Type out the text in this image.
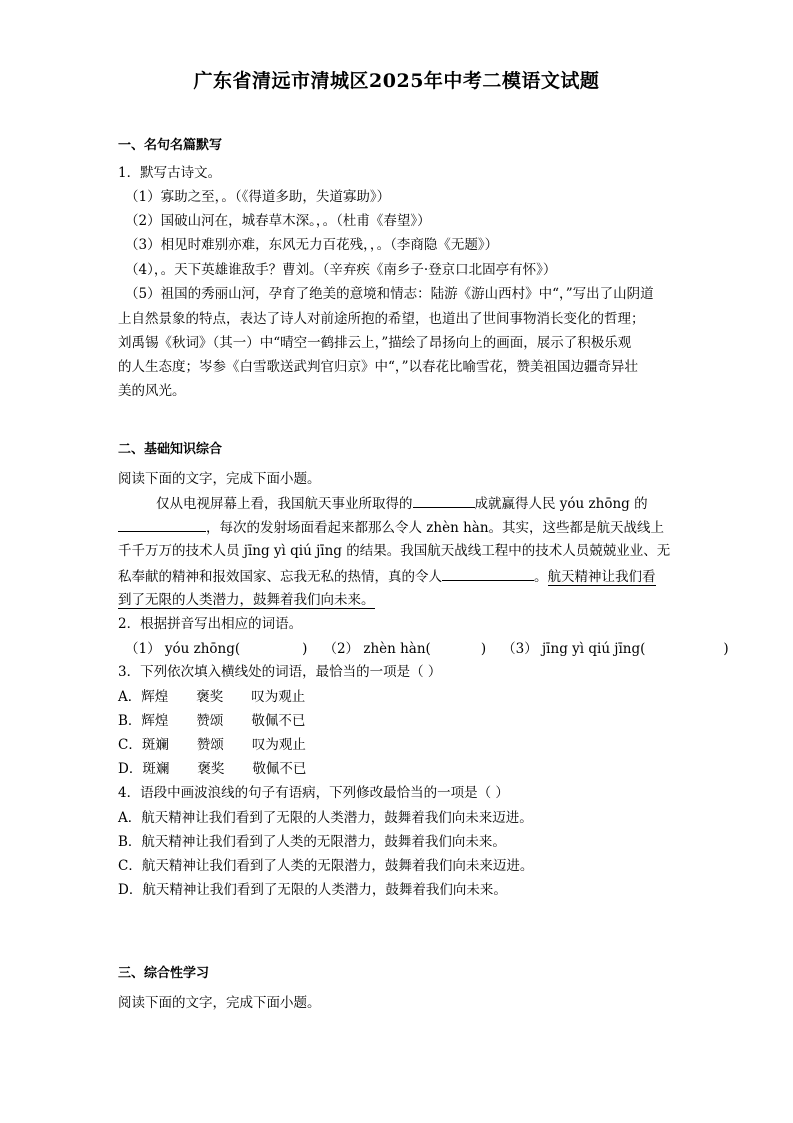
广东省清远市清城区2025年中考二模语文试题
一、名句名篇默写
1．默写古诗文。
（1）寡助之至，。（《得道多助，失道寡助》）
（2）国破山河在，城春草木深。，。（杜甫《春望》）
（3）相见时难别亦难，东风无力百花残，，。（李商隐《无题》）
（4），。天下英雄谁敌手？曹刘。（辛弃疾《南乡子·登京口北固亭有怀》）
（5）祖国的秀丽山河，孕育了绝美的意境和情志：陆游《游山西村》中“，”写出了山阴道
上自然景象的特点，表达了诗人对前途所抱的希望，也道出了世间事物消长变化的哲理；
刘禹锡《秋词》（其一）中“晴空一鹤排云上，”描绘了昂扬向上的画面，展示了积极乐观
的人生态度；岑参《白雪歌送武判官归京》中“，”以春花比喻雪花，赞美祖国边疆奇异壮
美的风光。
二、基础知识综合
阅读下面的文字，完成下面小题。
仅从电视屏幕上看，我国航天事业所取得的	成就赢得人民 yóu zhōng 的
，每次的发射场面看起来都那么令人 zhèn hàn。其实，这些都是航天战线上
千千万万的技术人员 jīng yì qiú jīng 的结果。我国航天战线工程中的技术人员兢兢业业、无
私奉献的精神和报效国家、忘我无私的热情，真的令人	。航天精神让我们看
到了无限的人类潜力，鼓舞着我们向未来。
2．根据拼音写出相应的词语。
（1） yóu zhōng(	) （2） zhèn hàn(	) （3） jīng yì qiú jīng(	)
3．下列依次填入横线处的词语，最恰当的一项是（ ）
A．辉煌 褒奖 叹为观止
B．辉煌 赞颂 敬佩不已
C．斑斓 赞颂 叹为观止
D．斑斓 褒奖 敬佩不已
4．语段中画波浪线的句子有语病，下列修改最恰当的一项是（ ）
A．航天精神让我们看到了无限的人类潜力，鼓舞着我们向未来迈进。
B．航天精神让我们看到了人类的无限潜力，鼓舞着我们向未来。
C．航天精神让我们看到了人类的无限潜力，鼓舞着我们向未来迈进。
D．航天精神让我们看到了无限的人类潜力，鼓舞着我们向未来。
三、综合性学习
阅读下面的文字，完成下面小题。
